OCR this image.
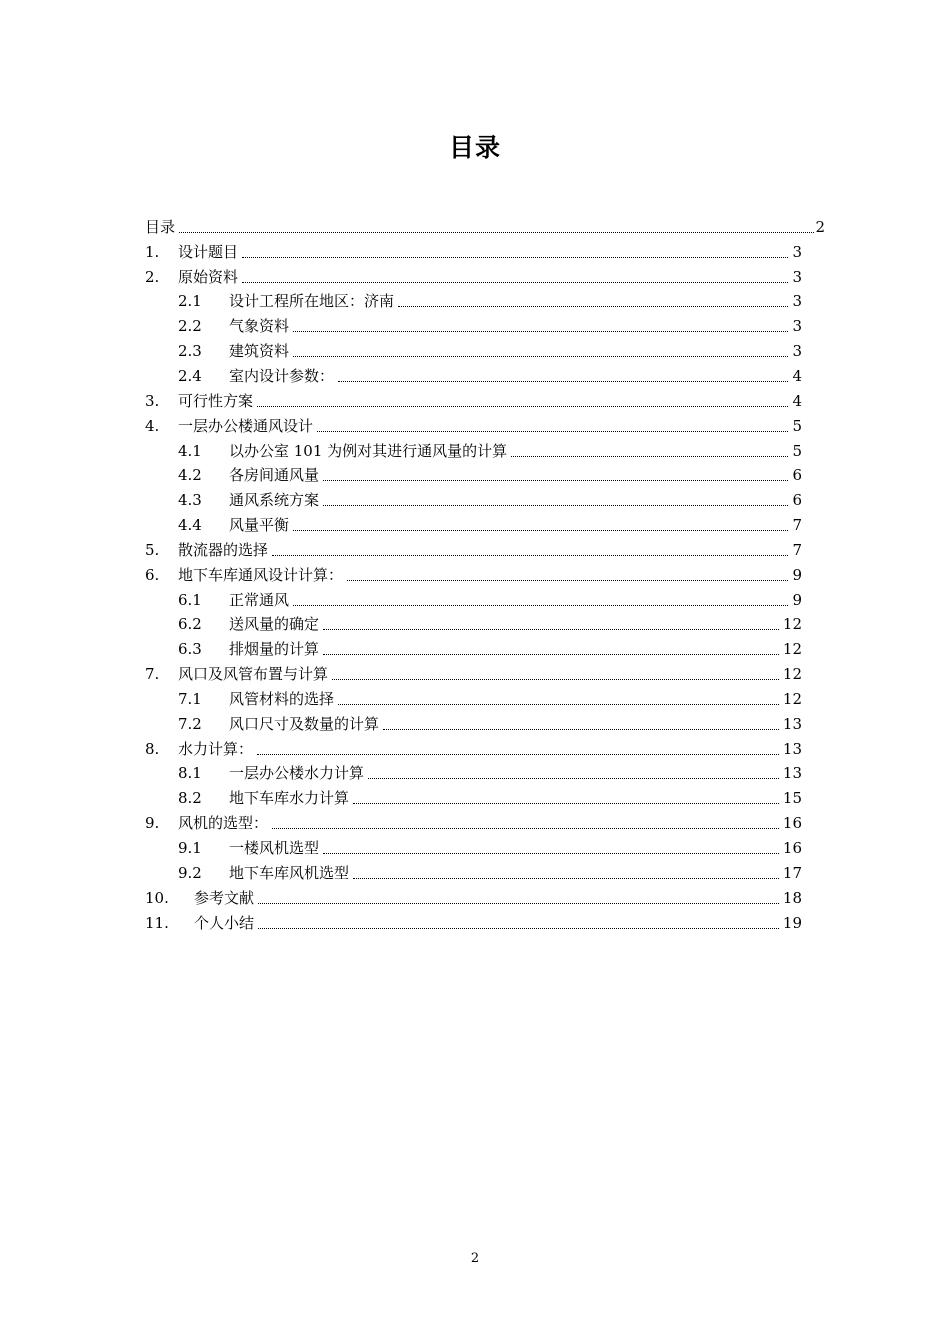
目录
目录	2
1.	设计题目	3
2.	原始资料	3
2.1	设计工程所在地区：济南	3
2.2	气象资料	3
2.3	建筑资料	3
2.4	室内设计参数：	4
3.	可行性方案	4
4.	一层办公楼通风设计	5
4.1	以办公室 101 为例对其进行通风量的计算	5
4.2	各房间通风量	6
4.3	通风系统方案	6
4.4	风量平衡	7
5.	散流器的选择	7
6.	地下车库通风设计计算：	9
6.1	正常通风	9
6.2	送风量的确定	12
6.3	排烟量的计算	12
7.	风口及风管布置与计算	12
7.1	风管材料的选择	12
7.2	风口尺寸及数量的计算	13
8.	水力计算：	13
8.1	一层办公楼水力计算	13
8.2	地下车库水力计算	15
9.	风机的选型：	16
9.1	一楼风机选型	16
9.2	地下车库风机选型	17
10.	参考文献	18
11.	个人小结	19
2
